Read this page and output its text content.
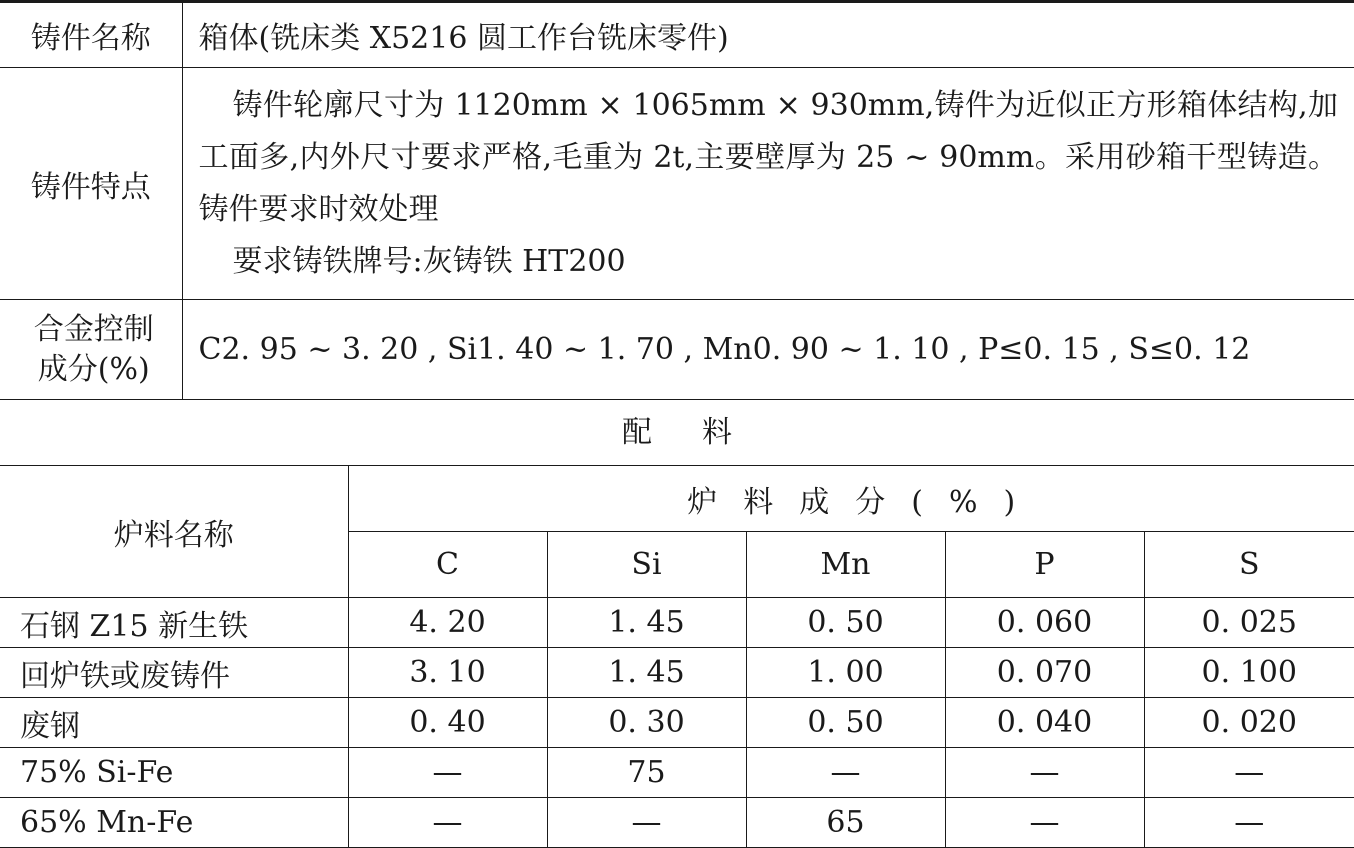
铸件名称	箱体(铣床类 X5216 圆工作台铣床零件)
铸件特点	铸件轮廓尺寸为 1120mm × 1065mm × 930mm,铸件为近似正方形箱体结构,加工面多,内外尺寸要求严格,毛重为 2t,主要壁厚为 25 ~ 90mm。采用砂箱干型铸造。铸件要求时效处理
要求铸铁牌号:灰铸铁 HT200

合金控制
成分(%)	C2. 95 ~ 3. 20 , Si1. 40 ~ 1. 70 , Mn0. 90 ~ 1. 10 , P≤0. 15 , S≤0. 12
配料
炉料名称	炉料成分(%)				
	C	Si	Mn	P	S
石钢 Z15 新生铁	4. 20	1. 45	0. 50	0. 060	0. 025
回炉铁或废铸件	3. 10	1. 45	1. 00	0. 070	0. 100
废钢	0. 40	0. 30	0. 50	0. 040	0. 020
75% Si-Fe	—	75	—	—	—
65% Mn-Fe	—	—	65	—	—
